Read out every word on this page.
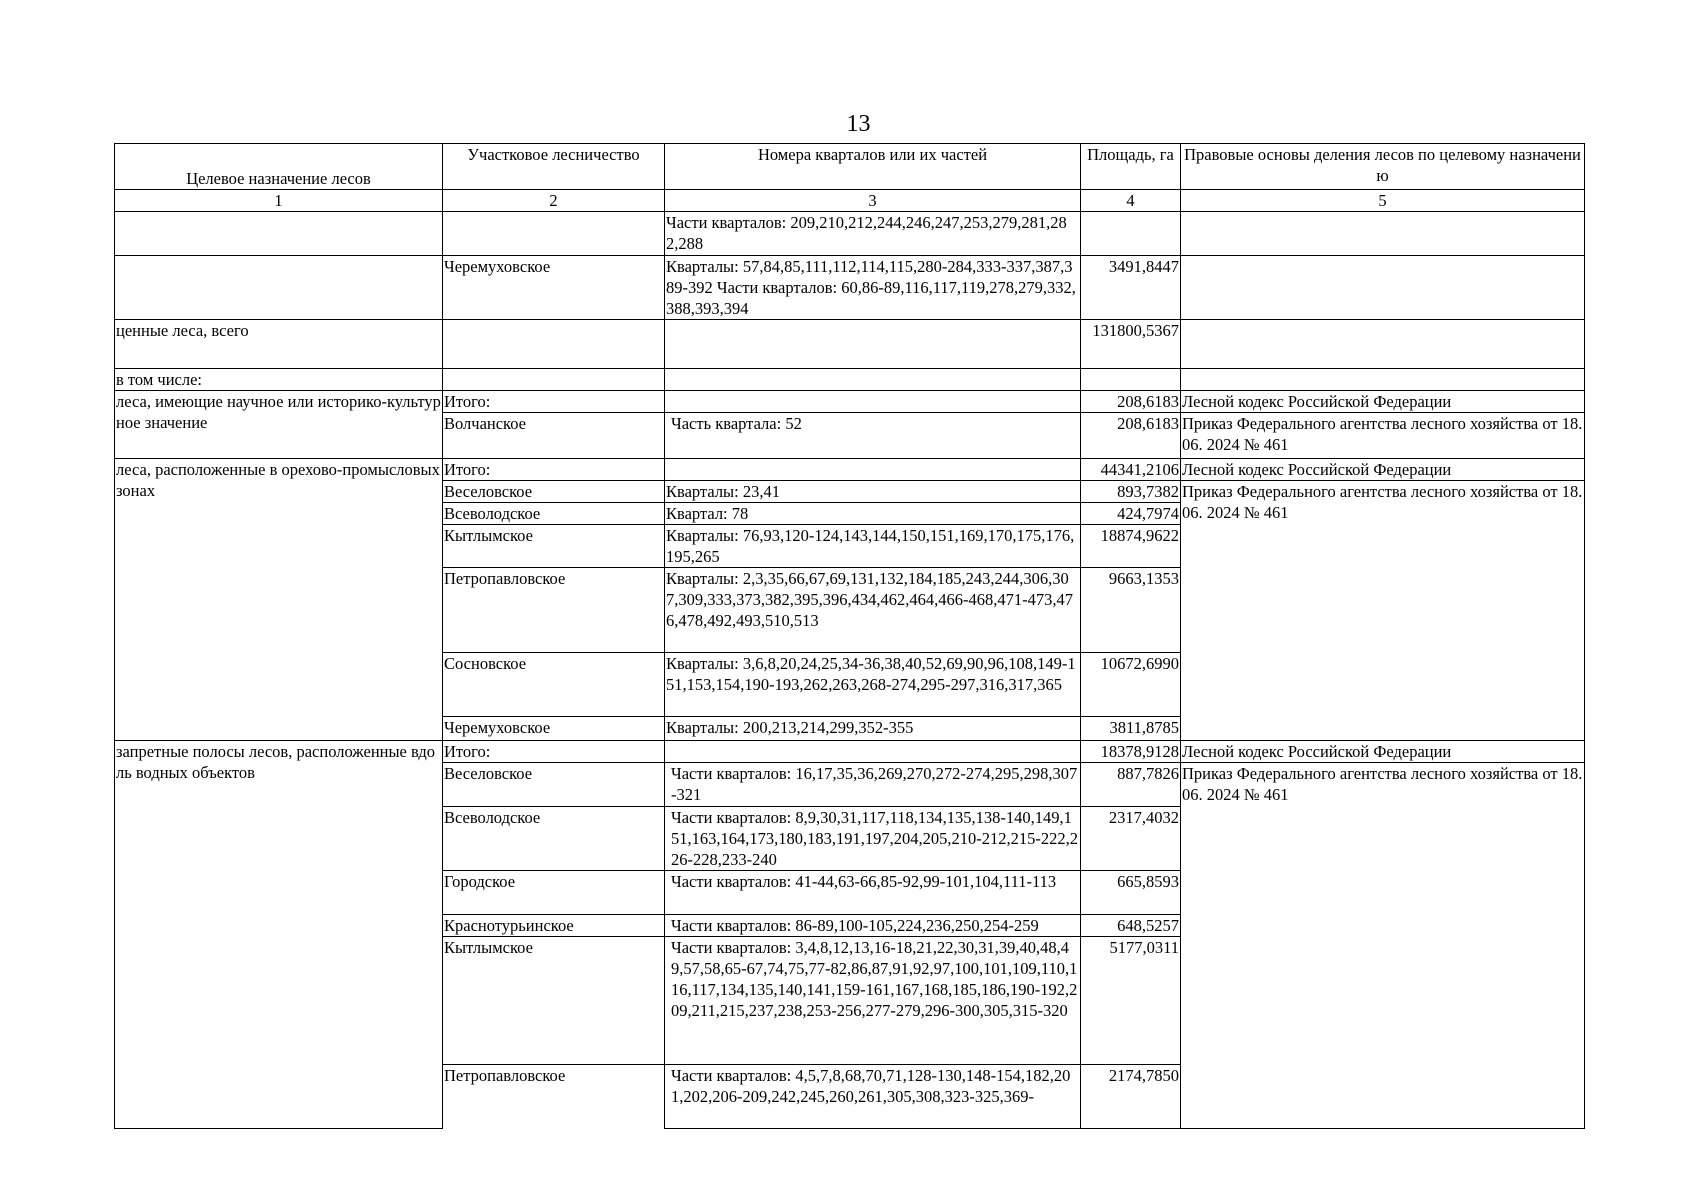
13
Целевое назначение лесов	Участковое лесничество	Номера кварталов или их частей	Площадь, га	Правовые основы деления лесов по целевому назначению
1	2	3	4	5
		Части кварталов: 209,210,212,244,246,247,253,279,281,282,288		
	Черемуховское	Кварталы: 57,84,85,111,112,114,115,280-284,333-337,387,389-392 Части кварталов: 60,86-89,116,117,119,278,279,332,388,393,394	3491,8447	
ценные леса, всего			131800,5367	
в том числе:				
леса, имеющие научное или историко-культурное значение	Итого:		208,6183	Лесной кодекс Российской Федерации
	Волчанское	Часть квартала: 52	208,6183	Приказ Федерального агентства лесного хозяйства от 18.06. 2024 № 461
леса, расположенные в орехово-промысловых зонах	Итого:		44341,2106	Лесной кодекс Российской Федерации
	Веселовское	Кварталы: 23,41	893,7382	Приказ Федерального агентства лесного хозяйства от 18.06. 2024 № 461
	Всеволодское	Квартал: 78	424,7974	
	Кытлымское	Кварталы: 76,93,120-124,143,144,150,151,169,170,175,176,195,265	18874,9622	
	Петропавловское	Кварталы: 2,3,35,66,67,69,131,132,184,185,243,244,306,307,309,333,373,382,395,396,434,462,464,466-468,471-473,476,478,492,493,510,513	9663,1353	
	Сосновское	Кварталы: 3,6,8,20,24,25,34-36,38,40,52,69,90,96,108,149-151,153,154,190-193,262,263,268-274,295-297,316,317,365	10672,6990	
	Черемуховское	Кварталы: 200,213,214,299,352-355	3811,8785	
запретные полосы лесов, расположенные вдоль водных объектов	Итого:		18378,9128	Лесной кодекс Российской Федерации
	Веселовское	Части кварталов: 16,17,35,36,269,270,272-274,295,298,307-321	887,7826	Приказ Федерального агентства лесного хозяйства от 18.06. 2024 № 461
	Всеволодское	Части кварталов: 8,9,30,31,117,118,134,135,138-140,149,151,163,164,173,180,183,191,197,204,205,210-212,215-222,226-228,233-240	2317,4032	
	Городское	Части кварталов: 41-44,63-66,85-92,99-101,104,111-113	665,8593	
	Краснотурьинское	Части кварталов: 86-89,100-105,224,236,250,254-259	648,5257	
	Кытлымское	Части кварталов: 3,4,8,12,13,16-18,21,22,30,31,39,40,48,49,57,58,65-67,74,75,77-82,86,87,91,92,97,100,101,109,110,116,117,134,135,140,141,159-161,167,168,185,186,190-192,209,211,215,237,238,253-256,277-279,296-300,305,315-320	5177,0311	
	Петропавловское	Части кварталов: 4,5,7,8,68,70,71,128-130,148-154,182,201,202,206-209,242,245,260,261,305,308,323-325,369-	2174,7850	
